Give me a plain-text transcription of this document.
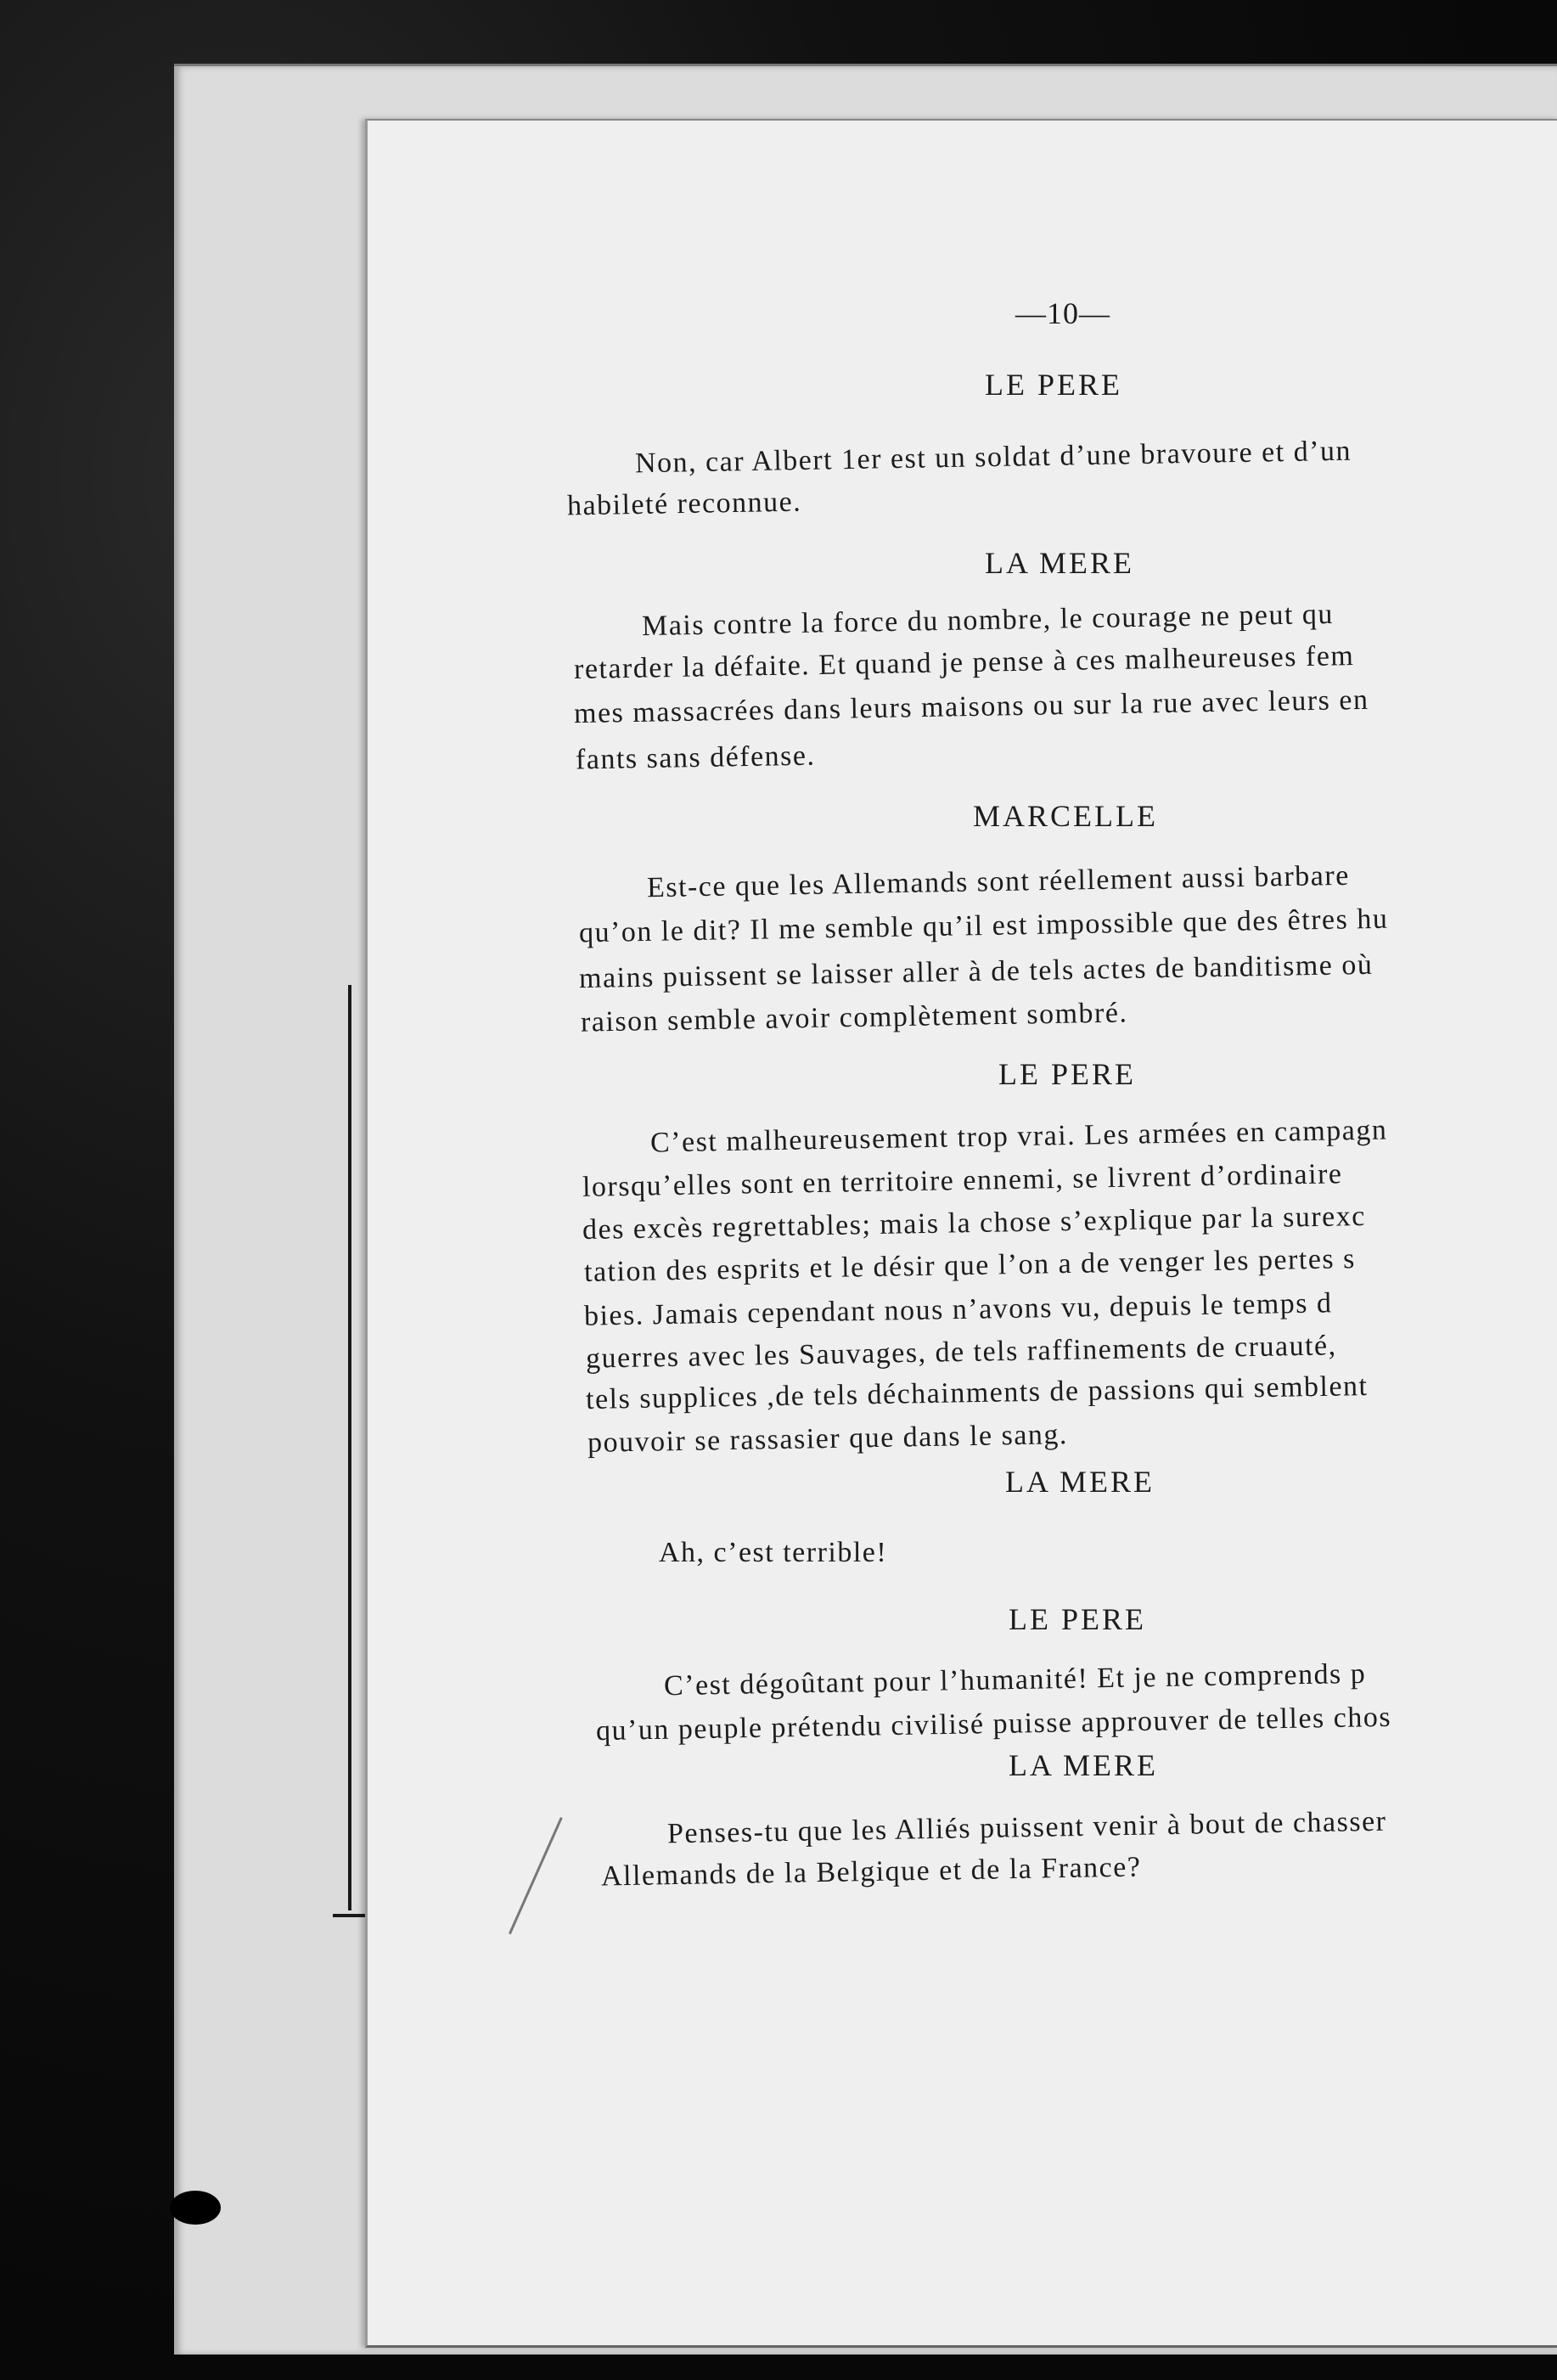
—10—
LE PERE
Non, car Albert 1er est un soldat d’une bravoure et d’un
habileté reconnue.
LA MERE
Mais contre la force du nombre, le courage ne peut qu
retarder la défaite. Et quand je pense à ces malheureuses fem
mes massacrées dans leurs maisons ou sur la rue avec leurs en
fants sans défense.
MARCELLE
Est-ce que les Allemands sont réellement aussi barbare
qu’on le dit? Il me semble qu’il est impossible que des êtres hu
mains puissent se laisser aller à de tels actes de banditisme où
raison semble avoir complètement sombré.
LE PERE
C’est malheureusement trop vrai. Les armées en campagn
lorsqu’elles sont en territoire ennemi, se livrent d’ordinaire
des excès regrettables; mais la chose s’explique par la surexc
tation des esprits et le désir que l’on a de venger les pertes s
bies. Jamais cependant nous n’avons vu, depuis le temps d
guerres avec les Sauvages, de tels raffinements de cruauté,
tels supplices ,de tels déchainments de passions qui semblent
pouvoir se rassasier que dans le sang.
LA MERE
Ah, c’est terrible!
LE PERE
C’est dégoûtant pour l’humanité! Et je ne comprends p
qu’un peuple prétendu civilisé puisse approuver de telles chos
LA MERE
Penses-tu que les Alliés puissent venir à bout de chasser
Allemands de la Belgique et de la France?
